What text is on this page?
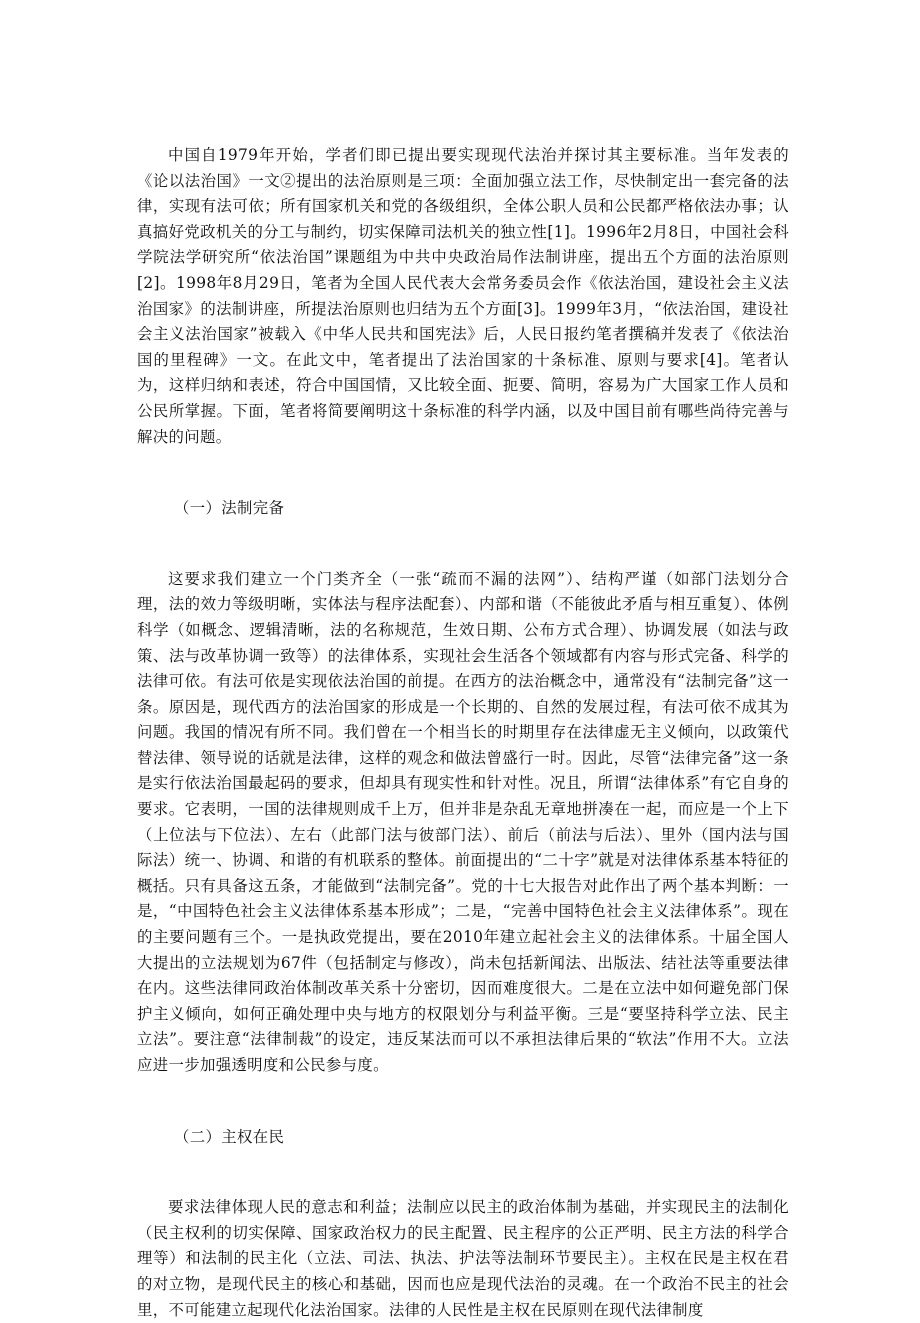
中国自1979年开始，学者们即已提出要实现现代法治并探讨其主要标准。当年发表的《论以法治国》一文②提出的法治原则是三项：全面加强立法工作，尽快制定出一套完备的法律，实现有法可依；所有国家机关和党的各级组织，全体公职人员和公民都严格依法办事；认真搞好党政机关的分工与制约，切实保障司法机关的独立性[1]。1996年2月8日，中国社会科学院法学研究所“依法治国”课题组为中共中央政治局作法制讲座，提出五个方面的法治原则[2]。1998年8月29日，笔者为全国人民代表大会常务委员会作《依法治国，建设社会主义法治国家》的法制讲座，所提法治原则也归结为五个方面[3]。1999年3月，“依法治国，建设社会主义法治国家”被载入《中华人民共和国宪法》后，人民日报约笔者撰稿并发表了《依法治国的里程碑》一文。在此文中，笔者提出了法治国家的十条标准、原则与要求[4]。笔者认为，这样归纳和表述，符合中国国情，又比较全面、扼要、简明，容易为广大国家工作人员和公民所掌握。下面，笔者将简要阐明这十条标准的科学内涵，以及中国目前有哪些尚待完善与解决的问题。

（一）法制完备

这要求我们建立一个门类齐全（一张“疏而不漏的法网”）、结构严谨（如部门法划分合理，法的效力等级明晰，实体法与程序法配套）、内部和谐（不能彼此矛盾与相互重复）、体例科学（如概念、逻辑清晰，法的名称规范，生效日期、公布方式合理）、协调发展（如法与政策、法与改革协调一致等）的法律体系，实现社会生活各个领域都有内容与形式完备、科学的法律可依。有法可依是实现依法治国的前提。在西方的法治概念中，通常没有“法制完备”这一条。原因是，现代西方的法治国家的形成是一个长期的、自然的发展过程，有法可依不成其为问题。我国的情况有所不同。我们曾在一个相当长的时期里存在法律虚无主义倾向，以政策代替法律、领导说的话就是法律，这样的观念和做法曾盛行一时。因此，尽管“法律完备”这一条是实行依法治国最起码的要求，但却具有现实性和针对性。况且，所谓“法律体系”有它自身的要求。它表明，一国的法律规则成千上万，但并非是杂乱无章地拼凑在一起，而应是一个上下（上位法与下位法）、左右（此部门法与彼部门法）、前后（前法与后法）、里外（国内法与国际法）统一、协调、和谐的有机联系的整体。前面提出的“二十字”就是对法律体系基本特征的概括。只有具备这五条，才能做到“法制完备”。党的十七大报告对此作出了两个基本判断：一是，“中国特色社会主义法律体系基本形成”；二是，“完善中国特色社会主义法律体系”。现在的主要问题有三个。一是执政党提出，要在2010年建立起社会主义的法律体系。十届全国人大提出的立法规划为67件（包括制定与修改），尚未包括新闻法、出版法、结社法等重要法律在内。这些法律同政治体制改革关系十分密切，因而难度很大。二是在立法中如何避免部门保护主义倾向，如何正确处理中央与地方的权限划分与利益平衡。三是“要坚持科学立法、民主立法”。要注意“法律制裁”的设定，违反某法而可以不承担法律后果的“软法”作用不大。立法应进一步加强透明度和公民参与度。

（二）主权在民

要求法律体现人民的意志和利益；法制应以民主的政治体制为基础，并实现民主的法制化（民主权利的切实保障、国家政治权力的民主配置、民主程序的公正严明、民主方法的科学合理等）和法制的民主化（立法、司法、执法、护法等法制环节要民主）。主权在民是主权在君的对立物，是现代民主的核心和基础，因而也应是现代法治的灵魂。在一个政治不民主的社会里，不可能建立起现代化法治国家。法律的人民性是主权在民原则在现代法律制度
